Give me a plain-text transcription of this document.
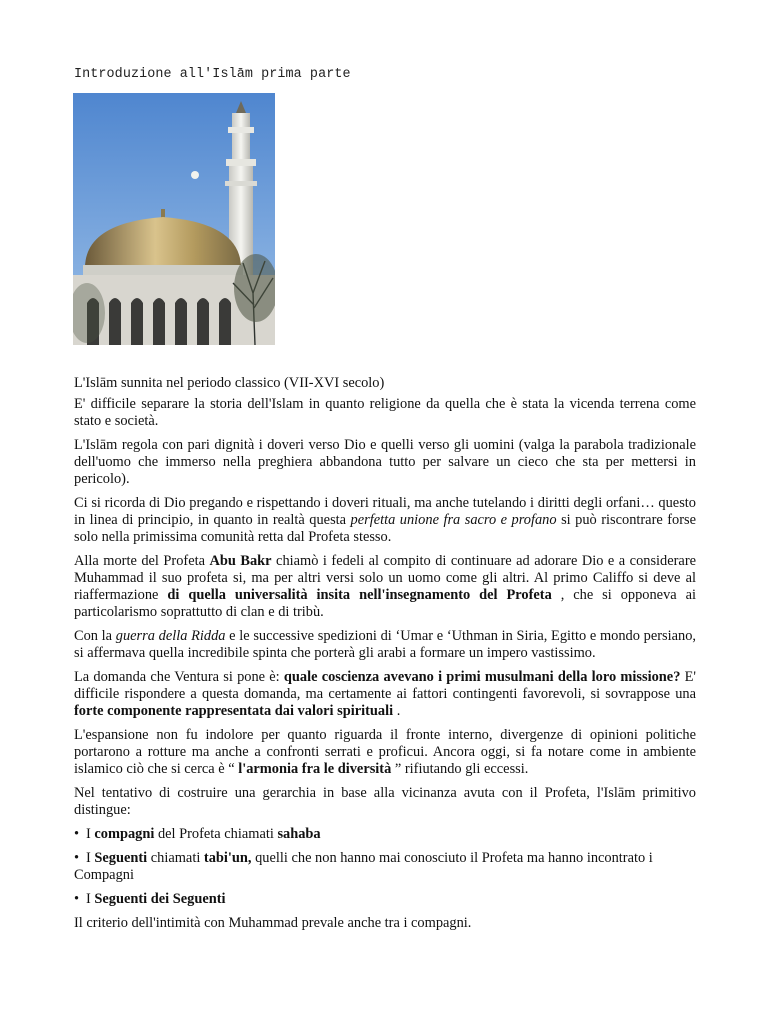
Introduzione all'Islām prima parte

L'Islām sunnita nel periodo classico (VII-XVI secolo)

E' difficile separare la storia dell'Islam in quanto religione da quella che è stata la vicenda terrena come stato e società.

L'Islām regola con pari dignità i doveri verso Dio e quelli verso gli uomini (valga la parabola tradizionale dell'uomo che immerso nella preghiera abbandona tutto per salvare un cieco che sta per mettersi in pericolo).

Ci si ricorda di Dio pregando e rispettando i doveri rituali, ma anche tutelando i diritti degli orfani… questo in linea di principio, in quanto in realtà questa perfetta unione fra sacro e profano si può riscontrare forse solo nella primissima comunità retta dal Profeta stesso.

Alla morte del Profeta Abu Bakr chiamò i fedeli al compito di continuare ad adorare Dio e a considerare Muhammad il suo profeta si, ma per altri versi solo un uomo come gli altri. Al primo Califfo si deve al riaffermazione di quella universalità insita nell'insegnamento del Profeta , che si opponeva ai particolarismo soprattutto di clan e di tribù.

Con la guerra della Ridda e le successive spedizioni di ‘Umar e ‘Uthman in Siria, Egitto e mondo persiano, si affermava quella incredibile spinta che porterà gli arabi a formare un impero vastissimo.

La domanda che Ventura si pone è: quale coscienza avevano i primi musulmani della loro missione? E' difficile rispondere a questa domanda, ma certamente ai fattori contingenti favorevoli, si sovrappose una forte componente rappresentata dai valori spirituali .

L'espansione non fu indolore per quanto riguarda il fronte interno, divergenze di opinioni politiche portarono a rotture ma anche a confronti serrati e proficui. Ancora oggi, si fa notare come in ambiente islamico ciò che si cerca è “ l'armonia fra le diversità ” rifiutando gli eccessi.

Nel tentativo di costruire una gerarchia in base alla vicinanza avuta con il Profeta, l'Islām primitivo distingue:

• I compagni del Profeta chiamati sahaba

• I Seguenti chiamati tabi'un, quelli che non hanno mai conosciuto il Profeta ma hanno incontrato i Compagni

• I Seguenti dei Seguenti

Il criterio dell'intimità con Muhammad prevale anche tra i compagni.
